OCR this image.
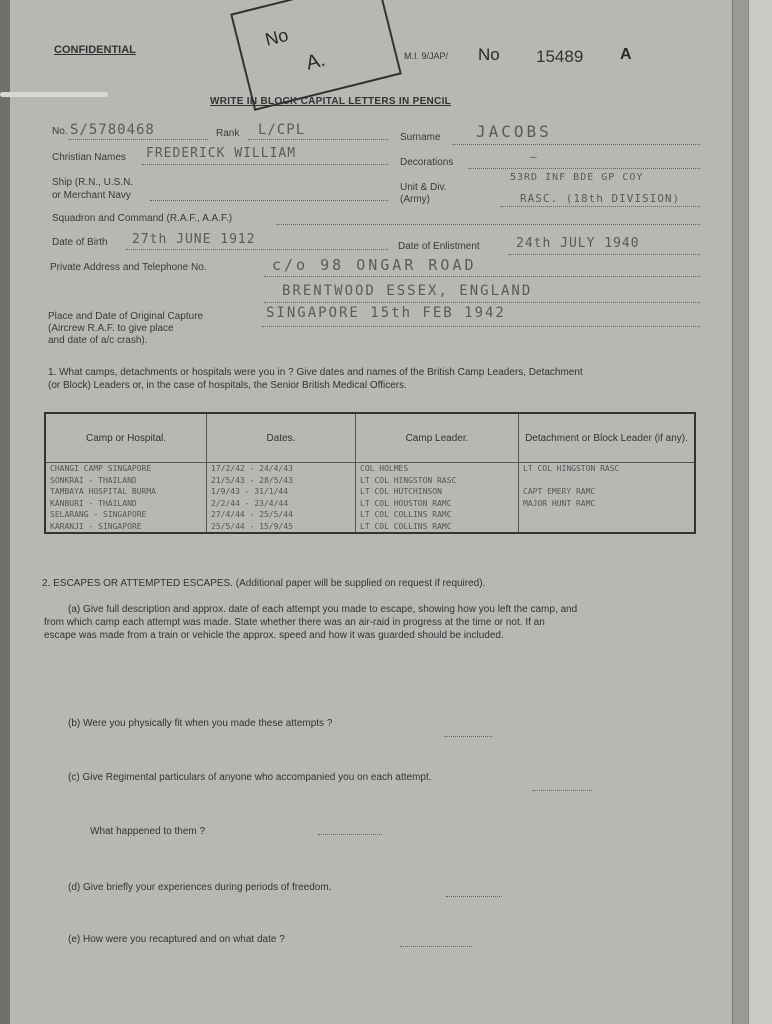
No
A.
CONFIDENTIAL	M.I. 9/JAP/ No 15489 A
WRITE IN BLOCK CAPITAL LETTERS IN PENCIL
No. S/5780468	Rank L/CPL	Surname JACOBS
Christian Names FREDERICK WILLIAM
Decorations	—
Ship (R.N., U.S.N.
or Merchant Navy
Unit & Div.
(Army)
53RD INF BDE GP COY
RASC. (18th DIVISION)
Squadron and Command (R.A.F., A.A.F.)
Date of Birth 27th JUNE 1912	Date of Enlistment	24th JULY 1940
Private Address and Telephone No.	c/o 98 ONGAR ROAD
BRENTWOOD ESSEX, ENGLAND
Place and Date of Original Capture
(Aircrew R.A.F. to give place
and date of a/c crash).
SINGAPORE 15th FEB 1942
1. What camps, detachments or hospitals were you in ? Give dates and names of the British Camp Leaders, Detachment
(or Block) Leaders or, in the case of hospitals, the Senior British Medical Officers.
Camp or Hospital.	Dates.	Camp Leader.	Detachment or Block Leader (if any).
CHANGI CAMP SINGAPORE	17/2/42 - 24/4/43	COL HOLMES	LT COL HINGSTON RASC
SONKRAI - THAILAND	21/5/43 - 28/5/43	LT COL HINGSTON RASC	
TAMBAYA HOSPITAL BURMA	1/9/43 - 31/1/44	LT COL HUTCHINSON	CAPT EMERY RAMC
KANBURI - THAILAND	2/2/44 - 23/4/44	LT COL HOUSTON RAMC	MAJOR HUNT RAMC
SELARANG - SINGAPORE	27/4/44 - 25/5/44	LT COL COLLINS RAMC	
KARANJI - SINGAPORE	25/5/44 - 15/9/45	LT COL COLLINS RAMC	
2. ESCAPES OR ATTEMPTED ESCAPES. (Additional paper will be supplied on request if required).
(a) Give full description and approx. date of each attempt you made to escape, showing how you left the camp, and
from which camp each attempt was made. State whether there was an air-raid in progress at the time or not. If an
escape was made from a train or vehicle the approx. speed and how it was guarded should be included.
(b) Were you physically fit when you made these attempts ?
(c) Give Regimental particulars of anyone who accompanied you on each attempt.
What happened to them ?
(d) Give briefly your experiences during periods of freedom.
(e) How were you recaptured and on what date ?
